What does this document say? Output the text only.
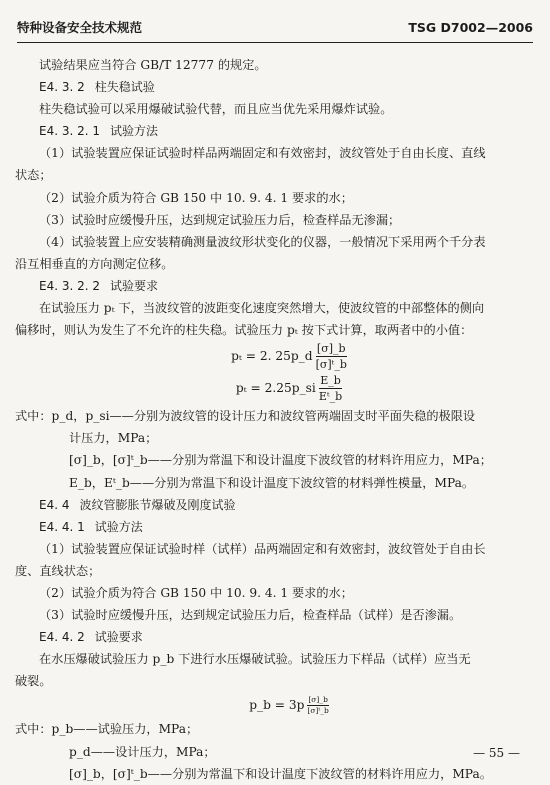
特种设备安全技术规范	TSG D7002—2006
试验结果应当符合 GB/T 12777 的规定。
E4. 3. 2 柱失稳试验
柱失稳试验可以采用爆破试验代替，而且应当优先采用爆炸试验。
E4. 3. 2. 1 试验方法
（1）试验装置应保证试验时样品两端固定和有效密封，波纹管处于自由长度、直线
状态；
（2）试验介质为符合 GB 150 中 10. 9. 4. 1 要求的水；
（3）试验时应缓慢升压，达到规定试验压力后，检查样品无渗漏；
（4）试验装置上应安装精确测量波纹形状变化的仪器，一般情况下采用两个千分表
沿互相垂直的方向测定位移。
E4. 3. 2. 2 试验要求
在试验压力 pₜ 下，当波纹管的波距变化速度突然增大，使波纹管的中部整体的侧向
偏移时，则认为发生了不允许的柱失稳。试验压力 pₜ 按下式计算，取两者中的小值：
pₜ = 2. 25p_d $\frac{[\sigma]\_b}{\text{[σ]ᵗ\_b}}$
pₜ = 2.25p_si $\frac{E\_b}{\text{Eᵗ\_b}}$
式中：p_d，p_si——分别为波纹管的设计压力和波纹管两端固支时平面失稳的极限设
计压力，MPa；
[σ]_b，[σ]ᵗ_b——分别为常温下和设计温度下波纹管的材料许用应力，MPa；
E_b，Eᵗ_b——分别为常温下和设计温度下波纹管的材料弹性模量，MPa。
E4. 4 波纹管膨胀节爆破及刚度试验
E4. 4. 1 试验方法
（1）试验装置应保证试验时样（试样）品两端固定和有效密封，波纹管处于自由长
度、直线状态；
（2）试验介质为符合 GB 150 中 10. 9. 4. 1 要求的水；
（3）试验时应缓慢升压，达到规定试验压力后，检查样品（试样）是否渗漏。
E4. 4. 2 试验要求
在水压爆破试验压力 p_b 下进行水压爆破试验。试验压力下样品（试样）应当无
破裂。
p_b = $3p \frac{[\sigma]\_b}{\text{[σ]ᵗ\_b}}$
式中：p_b——试验压力，MPa；
p_d——设计压力，MPa；
[σ]_b，[σ]ᵗ_b——分别为常温下和设计温度下波纹管的材料许用应力，MPa。
— 55 —
